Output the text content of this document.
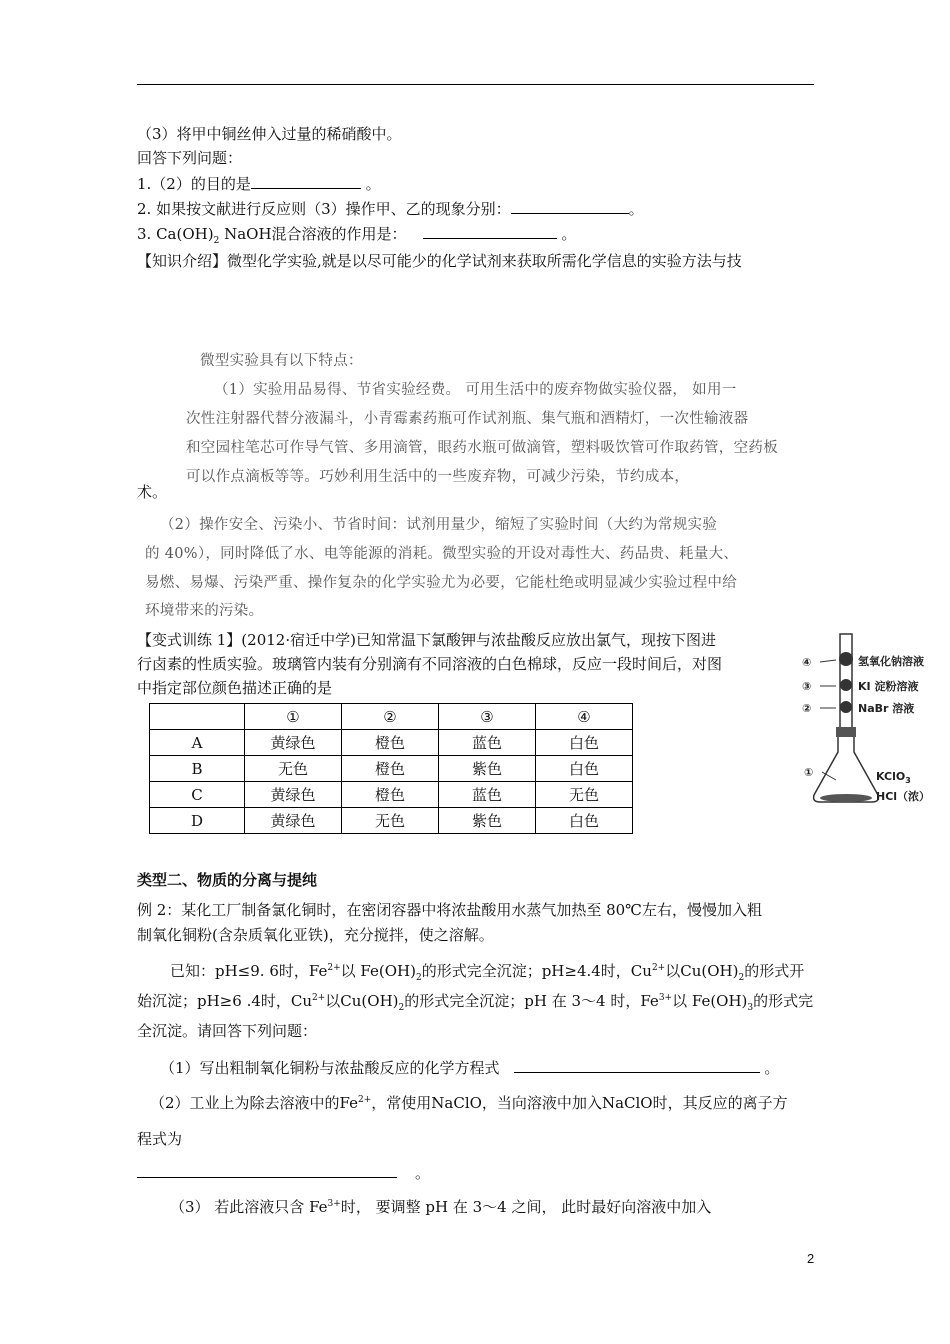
（3）将甲中铜丝伸入过量的稀硝酸中。
回答下列问题：
1.（2）的目的是	。
2. 如果按文献进行反应则（3）操作甲、乙的现象分别：	。
3. $Ca(OH)_2$ NaOH混合溶液的作用是：	。
【知识介绍】微型化学实验,就是以尽可能少的化学试剂来获取所需化学信息的实验方法与技
微型实验具有以下特点：
（1）实验用品易得、节省实验经费。 可用生活中的废弃物做实验仪器， 如用一
次性注射器代替分液漏斗，小青霉素药瓶可作试剂瓶、集气瓶和酒精灯，一次性输液器
和空园柱笔芯可作导气管、多用滴管，眼药水瓶可做滴管，塑料吸饮管可作取药管，空药板
可以作点滴板等等。巧妙利用生活中的一些废弃物，可减少污染，节约成本，
术。
（2）操作安全、污染小、节省时间：试剂用量少，缩短了实验时间（大约为常规实验
的 40%），同时降低了水、电等能源的消耗。微型实验的开设对毒性大、药品贵、耗量大、
易燃、易爆、污染严重、操作复杂的化学实验尤为必要，它能杜绝或明显减少实验过程中给
环境带来的污染。
【变式训练 1】(2012·宿迁中学)已知常温下氯酸钾与浓盐酸反应放出氯气，现按下图进
行卤素的性质实验。玻璃管内装有分别滴有不同溶液的白色棉球，反应一段时间后，对图
中指定部位颜色描述正确的是
	①	②	③	④
A	黄绿色	橙色	蓝色	白色
B	无色	橙色	紫色	白色
C	黄绿色	橙色	蓝色	无色
D	黄绿色	无色	紫色	白色
④
③
②
①
氢氧化钠溶液
KI 淀粉溶液
NaBr 溶液
KClO$_3$
HCl（浓）
类型二、物质的分离与提纯
例 2：某化工厂制备氯化铜时，在密闭容器中将浓盐酸用水蒸气加热至 80℃左右，慢慢加入粗
制氧化铜粉(含杂质氧化亚铁)，充分搅拌，使之溶解。
已知：pH≤9. 6时，$Fe^{2+}$以 $Fe(OH)_2$的形式完全沉淀；pH≥4.4时，$Cu^{2+}$以$Cu(OH)_2$的形式开
始沉淀；pH≥6 .4时，$Cu^{2+}$以$Cu(OH)_2$的形式完全沉淀；pH 在 3～4 时，$Fe^{3+}$以 $Fe(OH)_3$的形式完
全沉淀。请回答下列问题：
（1）写出粗制氧化铜粉与浓盐酸反应的化学方程式	。
（2）工业上为除去溶液中的$Fe^{2+}$，常使用NaClO，当向溶液中加入NaClO时，其反应的离子方
程式为
。
（3） 若此溶液只含 $Fe^{3+}$时， 要调整 pH 在 3～4 之间， 此时最好向溶液中加入
2
